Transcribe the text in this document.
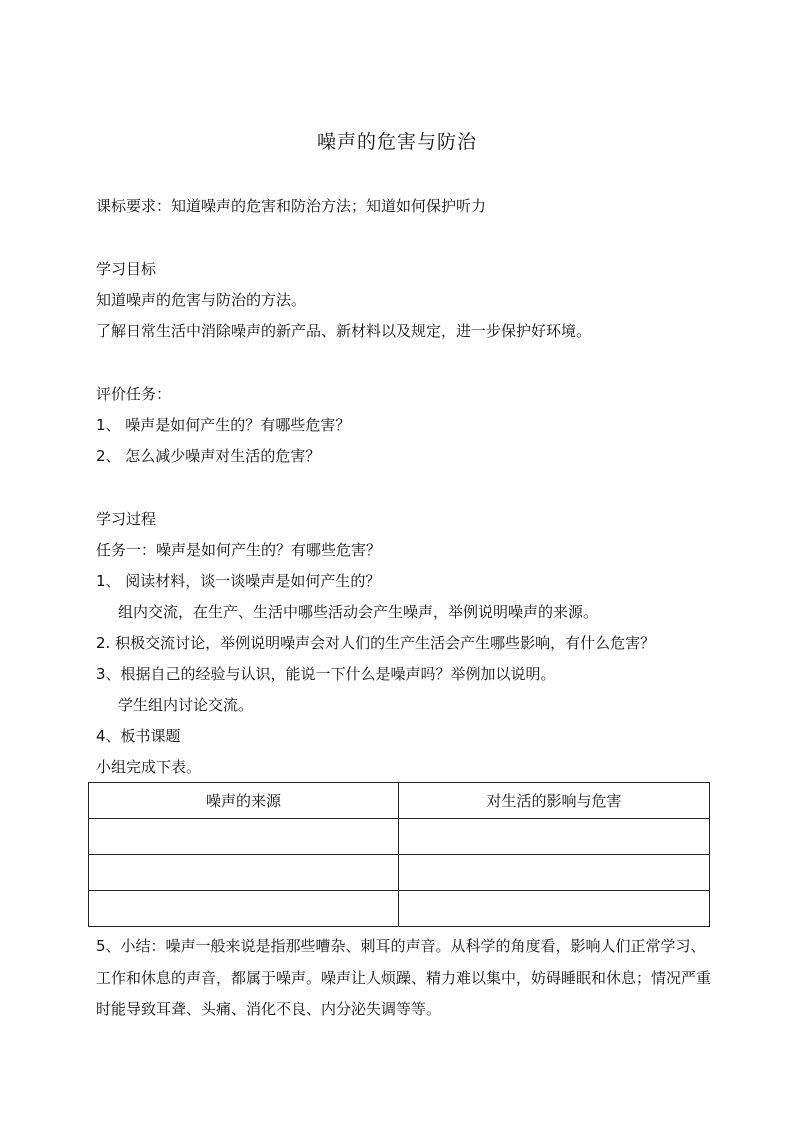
噪声的危害与防治
课标要求：知道噪声的危害和防治方法；知道如何保护听力
学习目标
知道噪声的危害与防治的方法。
了解日常生活中消除噪声的新产品、新材料以及规定，进一步保护好环境。
评价任务：
1、 噪声是如何产生的？有哪些危害？
2、 怎么减少噪声对生活的危害？
学习过程
任务一：噪声是如何产生的？有哪些危害？
1、 阅读材料，谈一谈噪声是如何产生的？
组内交流，在生产、生活中哪些活动会产生噪声，举例说明噪声的来源。
2. 积极交流讨论，举例说明噪声会对人们的生产生活会产生哪些影响，有什么危害？
3、根据自己的经验与认识，能说一下什么是噪声吗？举例加以说明。
学生组内讨论交流。
4、板书课题
小组完成下表。
噪声的来源	对生活的影响与危害

5、小结：噪声一般来说是指那些嘈杂、刺耳的声音。从科学的角度看，影响人们正常学习、工作和休息的声音，都属于噪声。噪声让人烦躁、精力难以集中，妨碍睡眠和休息；情况严重时能导致耳聋、头痛、消化不良、内分泌失调等等。
